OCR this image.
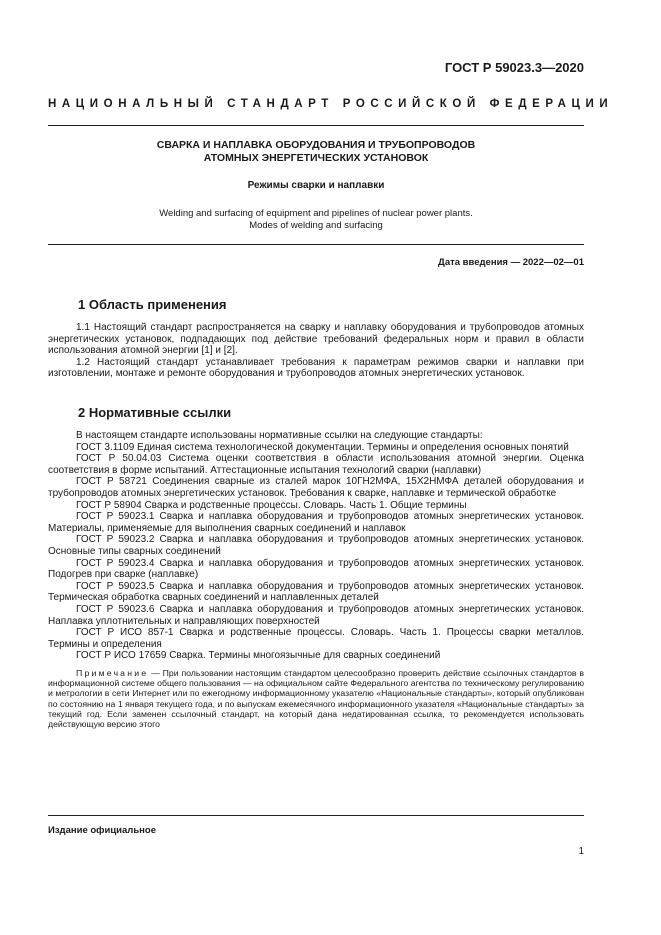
ГОСТ Р 59023.3—2020
НАЦИОНАЛЬНЫЙ СТАНДАРТ РОССИЙСКОЙ ФЕДЕРАЦИИ
СВАРКА И НАПЛАВКА ОБОРУДОВАНИЯ И ТРУБОПРОВОДОВ
АТОМНЫХ ЭНЕРГЕТИЧЕСКИХ УСТАНОВОК
Режимы сварки и наплавки
Welding and surfacing of equipment and pipelines of nuclear power plants.
Modes of welding and surfacing
Дата введения — 2022—02—01
1 Область применения

1.1 Настоящий стандарт распространяется на сварку и наплавку оборудования и трубопроводов атомных энергетических установок, подпадающих под действие требований федеральных норм и правил в области использования атомной энергии [1] и [2].

1.2 Настоящий стандарт устанавливает требования к параметрам режимов сварки и наплавки при изготовлении, монтаже и ремонте оборудования и трубопроводов атомных энергетических установок.

2 Нормативные ссылки

В настоящем стандарте использованы нормативные ссылки на следующие стандарты:

ГОСТ 3.1109 Единая система технологической документации. Термины и определения основных понятий

ГОСТ Р 50.04.03 Система оценки соответствия в области использования атомной энергии. Оценка соответствия в форме испытаний. Аттестационные испытания технологий сварки (наплавки)

ГОСТ Р 58721 Соединения сварные из сталей марок 10ГН2МФА, 15Х2НМФА деталей оборудования и трубопроводов атомных энергетических установок. Требования к сварке, наплавке и термической обработке

ГОСТ Р 58904 Сварка и родственные процессы. Словарь. Часть 1. Общие термины

ГОСТ Р 59023.1 Сварка и наплавка оборудования и трубопроводов атомных энергетических установок. Материалы, применяемые для выполнения сварных соединений и наплавок

ГОСТ Р 59023.2 Сварка и наплавка оборудования и трубопроводов атомных энергетических установок. Основные типы сварных соединений

ГОСТ Р 59023.4 Сварка и наплавка оборудования и трубопроводов атомных энергетических установок. Подогрев при сварке (наплавке)

ГОСТ Р 59023.5 Сварка и наплавка оборудования и трубопроводов атомных энергетических установок. Термическая обработка сварных соединений и наплавленных деталей

ГОСТ Р 59023.6 Сварка и наплавка оборудования и трубопроводов атомных энергетических установок. Наплавка уплотнительных и направляющих поверхностей

ГОСТ Р ИСО 857-1 Сварка и родственные процессы. Словарь. Часть 1. Процессы сварки металлов. Термины и определения

ГОСТ Р ИСО 17659 Сварка. Термины многоязычные для сварных соединений

Примечание — При пользовании настоящим стандартом целесообразно проверить действие ссылочных стандартов в информационной системе общего пользования — на официальном сайте Федерального агентства по техническому регулированию и метрологии в сети Интернет или по ежегодному информационному указателю «Национальные стандарты», который опубликован по состоянию на 1 января текущего года, и по выпускам ежемесячного информационного указателя «Национальные стандарты» за текущий год. Если заменен ссылочный стандарт, на который дана недатированная ссылка, то рекомендуется использовать действующую версию этого

Издание официальное
1
